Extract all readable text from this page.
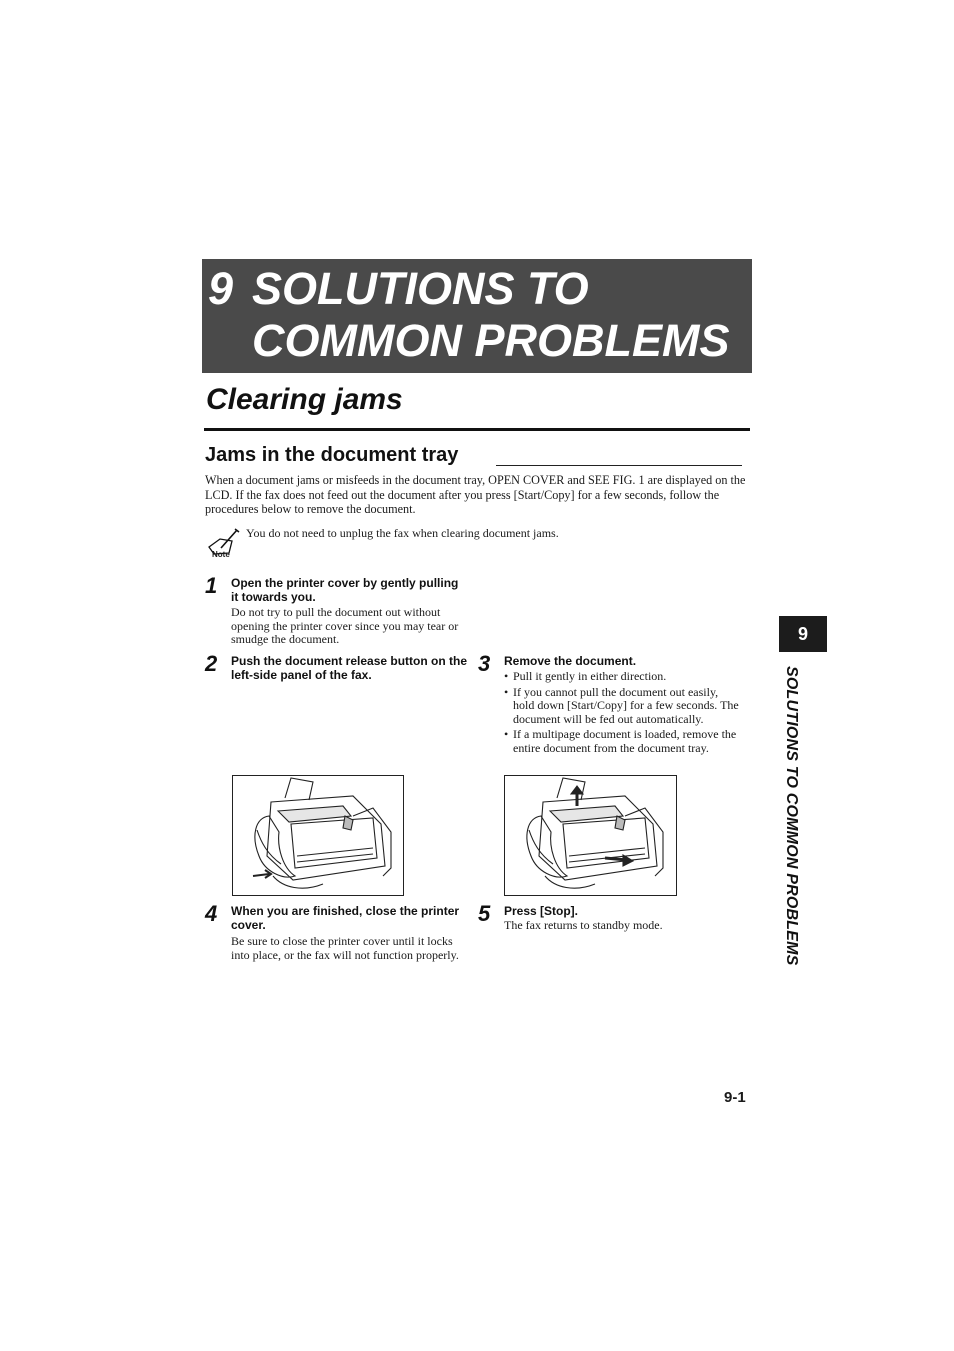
9 SOLUTIONS TO
COMMON PROBLEMS
Clearing jams
Jams in the document tray
When a document jams or misfeeds in the document tray, OPEN COVER and SEE FIG. 1 are displayed on the LCD. If the fax does not feed out the document after you press [Start/Copy] for a few seconds, follow the procedures below to remove the document.
Note
You do not need to unplug the fax when clearing document jams.
1 Open the printer cover by gently pulling it towards you.
Do not try to pull the document out without opening the printer cover since you may tear or smudge the document.
2 Push the document release button on the left-side panel of the fax.	3 Remove the document.
• Pull it gently in either direction.
• If you cannot pull the document out easily, hold down [Start/Copy] for a few seconds. The document will be fed out automatically.
• If a multipage document is loaded, remove the entire document from the document tray.
4 When you are finished, close the printer cover.
Be sure to close the printer cover until it locks into place, or the fax will not function properly.
5 Press [Stop].
The fax returns to standby mode.
9
SOLUTIONS TO COMMON PROBLEMS
9-1
